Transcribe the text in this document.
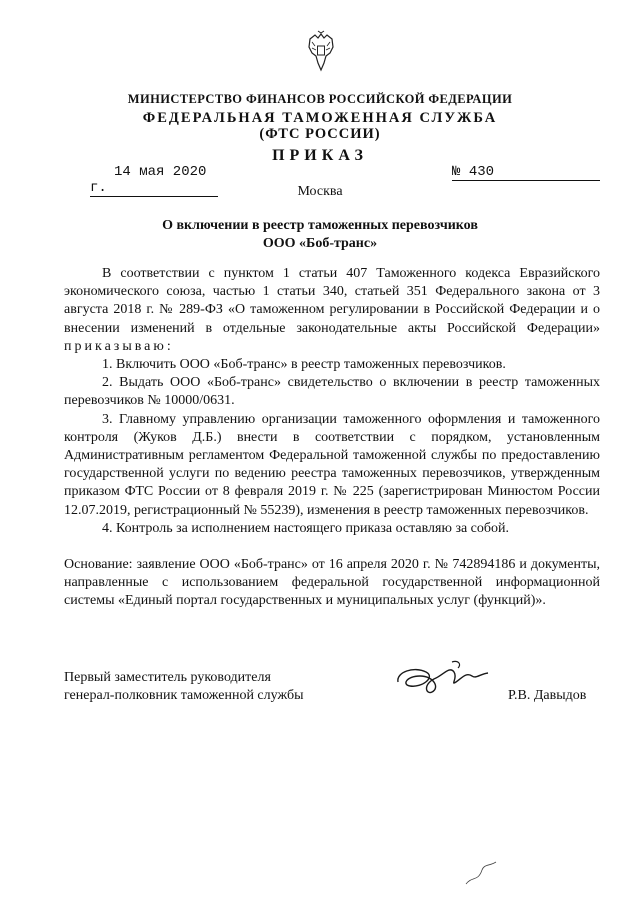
МИНИСТЕРСТВО ФИНАНСОВ РОССИЙСКОЙ ФЕДЕРАЦИИ
ФЕДЕРАЛЬНАЯ ТАМОЖЕННАЯ СЛУЖБА
(ФТС РОССИИ)
ПРИКАЗ
14 мая 2020 г.
№ 430
Москва
О включении в реестр таможенных перевозчиков
ООО «Боб-транс»

В соответствии с пунктом 1 статьи 407 Таможенного кодекса Евразийского экономического союза, частью 1 статьи 340, статьей 351 Федерального закона от 3 августа 2018 г. № 289-ФЗ «О таможенном регулировании в Российской Федерации и о внесении изменений в отдельные законодательные акты Российской Федерации» приказываю:

1. Включить ООО «Боб-транс» в реестр таможенных перевозчиков.

2. Выдать ООО «Боб-транс» свидетельство о включении в реестр таможенных перевозчиков № 10000/0631.

3. Главному управлению организации таможенного оформления и таможенного контроля (Жуков Д.Б.) внести в соответствии с порядком, установленным Административным регламентом Федеральной таможенной службы по предоставлению государственной услуги по ведению реестра таможенных перевозчиков, утвержденным приказом ФТС России от 8 февраля 2019 г. № 225 (зарегистрирован Минюстом России 12.07.2019, регистрационный № 55239), изменения в реестр таможенных перевозчиков.

4. Контроль за исполнением настоящего приказа оставляю за собой.

Основание: заявление ООО «Боб-транс» от 16 апреля 2020 г. № 742894186 и документы, направленные с использованием федеральной государственной информационной системы «Единый портал государственных и муниципальных услуг (функций)».

Первый заместитель руководителя
генерал-полковник таможенной службы	Р.В. Давыдов
